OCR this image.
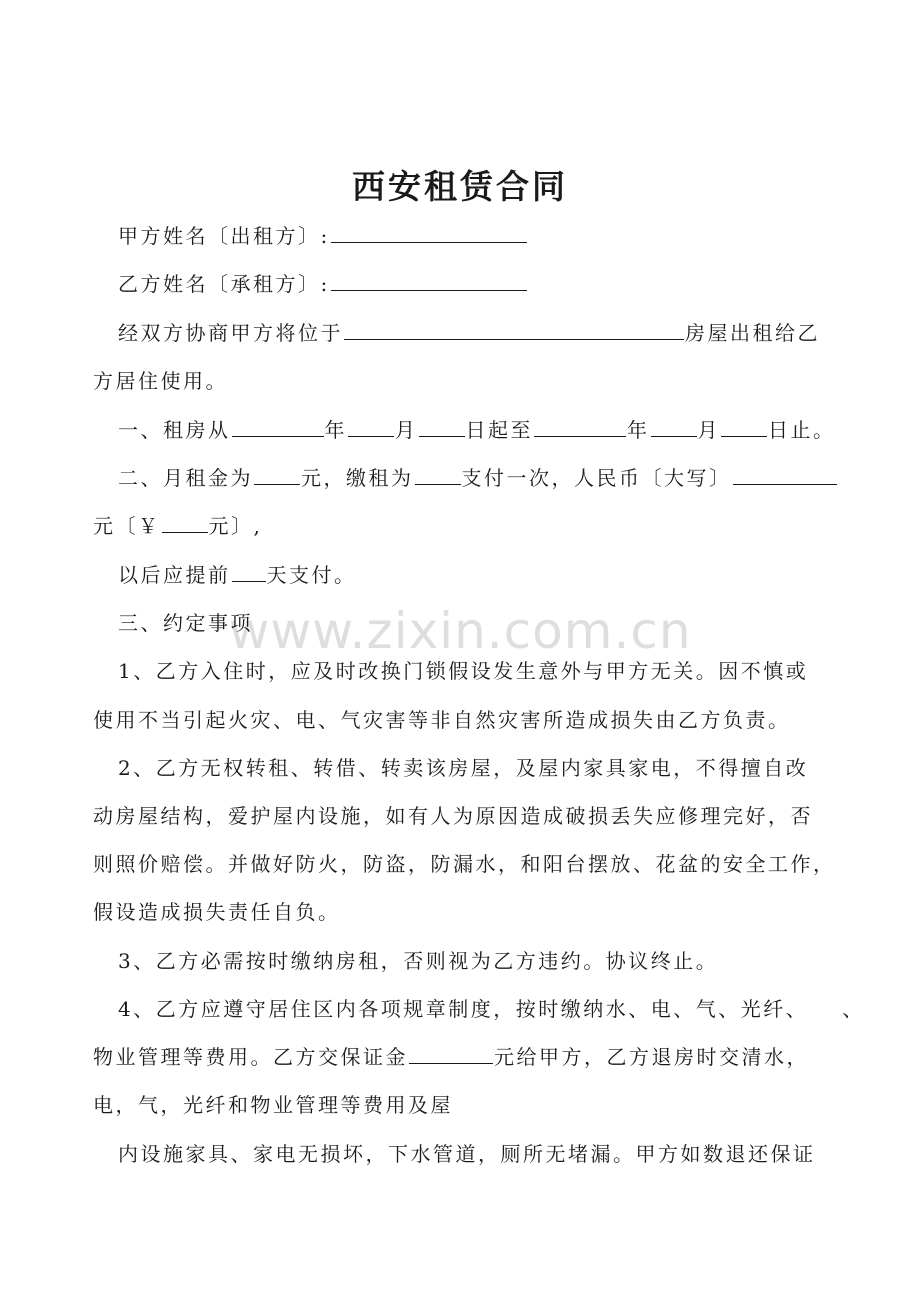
www.zixin.com.cn
西安租赁合同
甲方姓名〔出租方〕:
乙方姓名〔承租方〕:
经双方协商甲方将位于	房屋出租给乙
方居住使用。
一、租房从	年 月 日起至	年 月 日止。
二、月租金为 元，缴租为 支付一次，人民币〔大写〕
元〔￥ 元〕,
以后应提前 天支付。
三、约定事项
1、乙方入住时，应及时改换门锁假设发生意外与甲方无关。因不慎或
使用不当引起火灾、电、气灾害等非自然灾害所造成损失由乙方负责。
2、乙方无权转租、转借、转卖该房屋，及屋内家具家电，不得擅自改
动房屋结构，爱护屋内设施，如有人为原因造成破损丢失应修理完好，否
则照价赔偿。并做好防火，防盗，防漏水，和阳台摆放、花盆的安全工作，
假设造成损失责任自负。
3、乙方必需按时缴纳房租，否则视为乙方违约。协议终止。
4、乙方应遵守居住区内各项规章制度，按时缴纳水、电、气、光纤、 、
物业管理等费用。乙方交保证金	元给甲方，乙方退房时交清水，
电，气，光纤和物业管理等费用及屋
内设施家具、家电无损坏，下水管道，厕所无堵漏。甲方如数退还保证
